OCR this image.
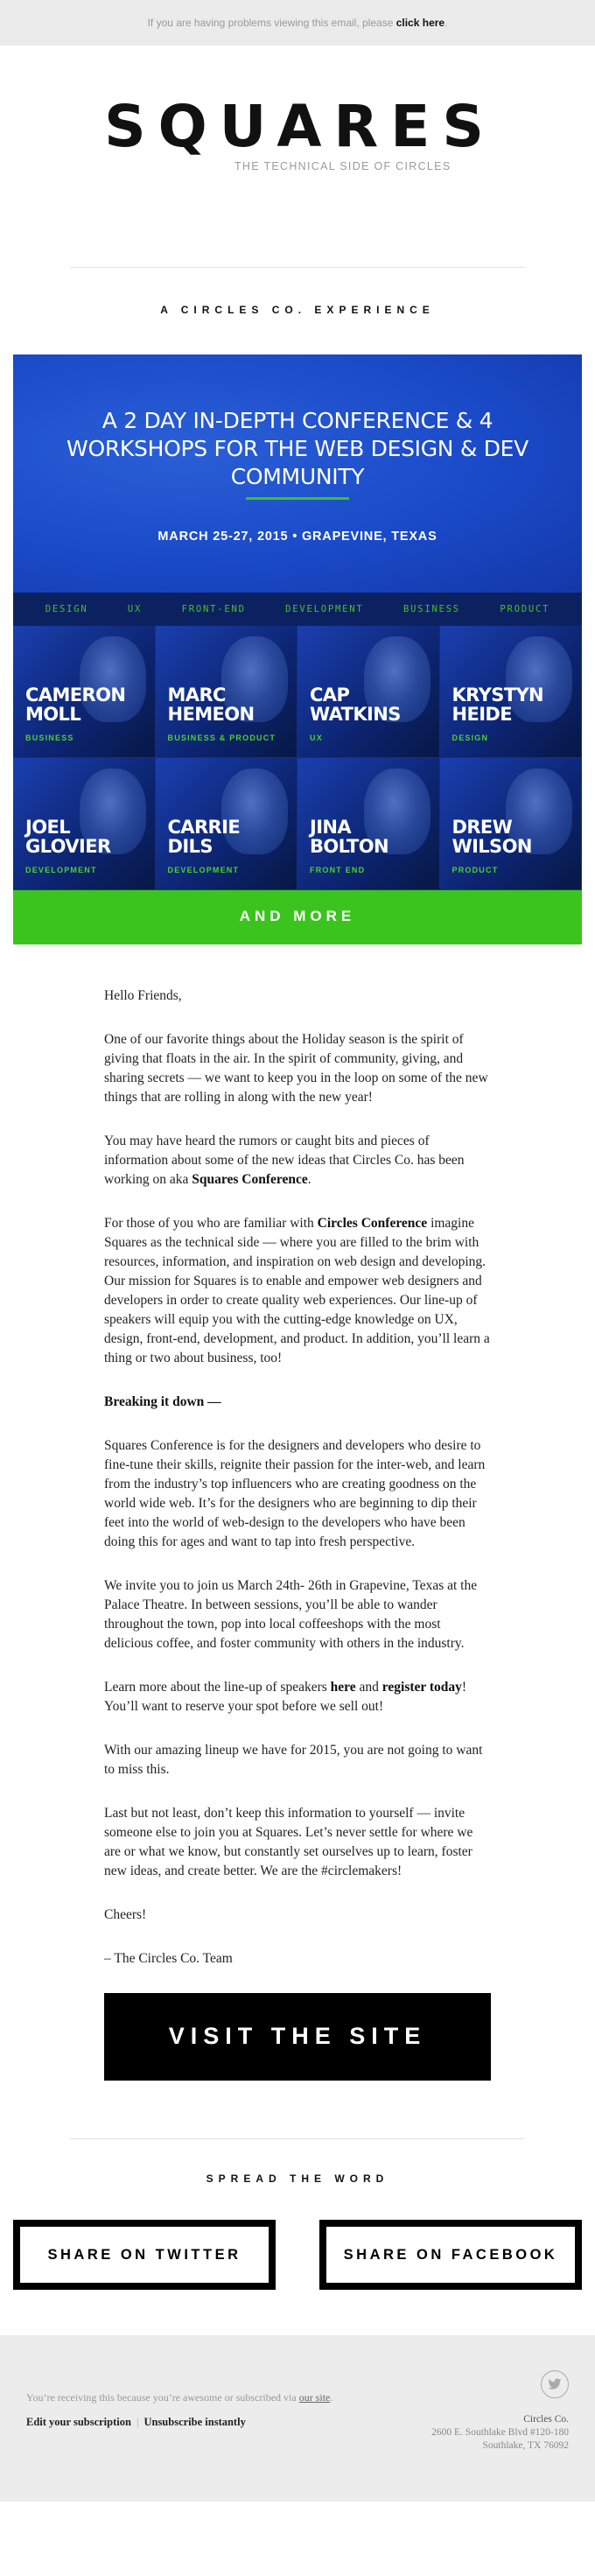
If you are having problems viewing this email, please click here.
SQUARES
THE TECHNICAL SIDE OF CIRCLES
A CIRCLES CO. EXPERIENCE
A 2 DAY IN-DEPTH CONFERENCE & 4 WORKSHOPS FOR THE WEB DESIGN & DEV COMMUNITY
MARCH 25-27, 2015 • GRAPEVINE, TEXAS
DESIGN	UX	FRONT-END	DEVELOPMENT	BUSINESS	PRODUCT
CAMERON
MOLL
BUSINESS
MARC
HEMEON
BUSINESS & PRODUCT
CAP
WATKINS
UX
KRYSTYN
HEIDE
DESIGN
JOEL
GLOVIER
DEVELOPMENT
CARRIE
DILS
DEVELOPMENT
JINA
BOLTON
FRONT END
DREW
WILSON
PRODUCT
AND MORE

Hello Friends,

One of our favorite things about the Holiday season is the spirit of giving that floats in the air. In the spirit of community, giving, and sharing secrets — we want to keep you in the loop on some of the new things that are rolling in along with the new year!

You may have heard the rumors or caught bits and pieces of information about some of the new ideas that Circles Co. has been working on aka Squares Conference.

For those of you who are familiar with Circles Conference imagine Squares as the technical side — where you are filled to the brim with resources, information, and inspiration on web design and developing. Our mission for Squares is to enable and empower web designers and developers in order to create quality web experiences. Our line-up of speakers will equip you with the cutting-edge knowledge on UX, design, front-end, development, and product. In addition, you’ll learn a thing or two about business, too!

Breaking it down —

Squares Conference is for the designers and developers who desire to fine-tune their skills, reignite their passion for the inter-web, and learn from the industry’s top influencers who are creating goodness on the world wide web. It’s for the designers who are beginning to dip their feet into the world of web-design to the developers who have been doing this for ages and want to tap into fresh perspective.

We invite you to join us March 24th- 26th in Grapevine, Texas at the Palace Theatre. In between sessions, you’ll be able to wander throughout the town, pop into local coffeeshops with the most delicious coffee, and foster community with others in the industry.

Learn more about the line-up of speakers here and register today! You’ll want to reserve your spot before we sell out!

With our amazing lineup we have for 2015, you are not going to want to miss this.

Last but not least, don’t keep this information to yourself — invite someone else to join you at Squares. Let’s never settle for where we are or what we know, but constantly set ourselves up to learn, foster new ideas, and create better. We are the #circlemakers!

Cheers!

– The Circles Co. Team

VISIT THE SITE
SPREAD THE WORD
SHARE ON TWITTER	SHARE ON FACEBOOK
You’re receiving this because you’re awesome or subscribed via our site.
Edit your subscription | Unsubscribe instantly	Circles Co.
2600 E. Southlake Blvd #120-180
Southlake, TX 76092
